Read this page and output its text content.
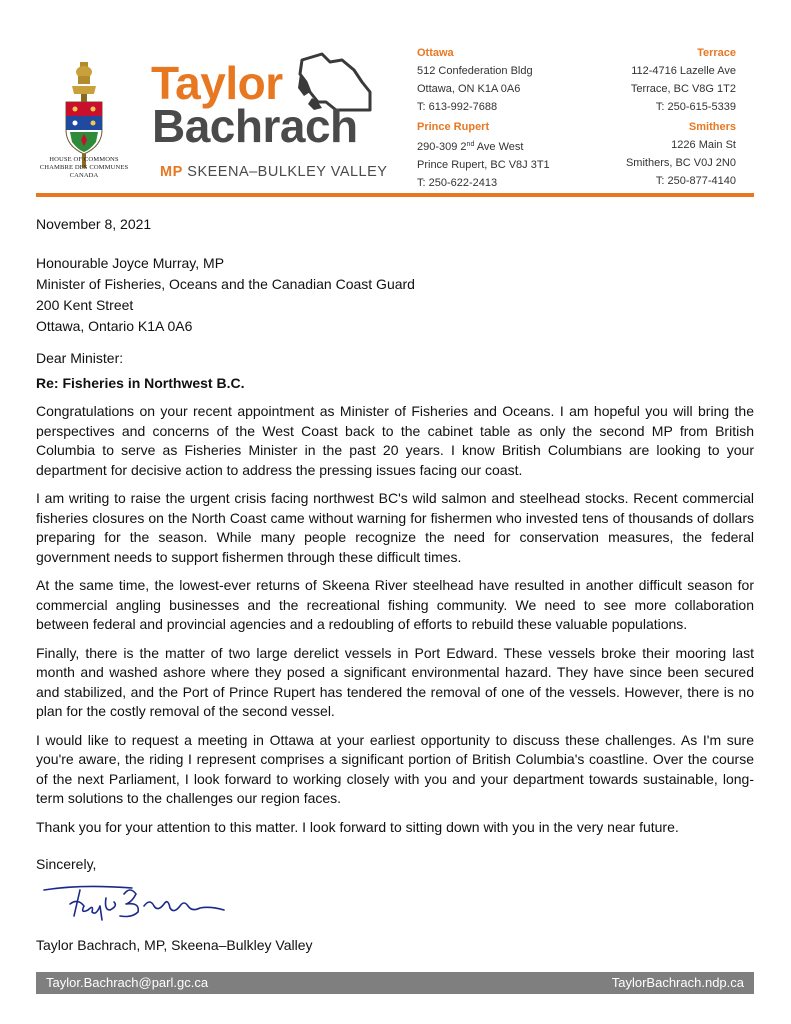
HOUSE OF COMMONS
CHAMBRE DES COMMUNES
CANADA
Taylor
Bachrach
MP SKEENA–BULKLEY VALLEY
Ottawa
512 Confederation Bldg
Ottawa, ON K1A 0A6
T: 613-992-7688
Prince Rupert
290-309 2nd Ave West
Prince Rupert, BC V8J 3T1
T: 250-622-2413
Terrace
112-4716 Lazelle Ave
Terrace, BC V8G 1T2
T: 250-615-5339
Smithers
1226 Main St
Smithers, BC V0J 2N0
T: 250-877-4140
November 8, 2021
Honourable Joyce Murray, MP
Minister of Fisheries, Oceans and the Canadian Coast Guard
200 Kent Street
Ottawa, Ontario K1A 0A6
Dear Minister:
Re: Fisheries in Northwest B.C.

Congratulations on your recent appointment as Minister of Fisheries and Oceans. I am hopeful you will bring the perspectives and concerns of the West Coast back to the cabinet table as only the second MP from British Columbia to serve as Fisheries Minister in the past 20 years. I know British Columbians are looking to your department for decisive action to address the pressing issues facing our coast.

I am writing to raise the urgent crisis facing northwest BC's wild salmon and steelhead stocks. Recent commercial fisheries closures on the North Coast came without warning for fishermen who invested tens of thousands of dollars preparing for the season. While many people recognize the need for conservation measures, the federal government needs to support fishermen through these difficult times.

At the same time, the lowest-ever returns of Skeena River steelhead have resulted in another difficult season for commercial angling businesses and the recreational fishing community. We need to see more collaboration between federal and provincial agencies and a redoubling of efforts to rebuild these valuable populations.

Finally, there is the matter of two large derelict vessels in Port Edward. These vessels broke their mooring last month and washed ashore where they posed a significant environmental hazard. They have since been secured and stabilized, and the Port of Prince Rupert has tendered the removal of one of the vessels. However, there is no plan for the costly removal of the second vessel.

I would like to request a meeting in Ottawa at your earliest opportunity to discuss these challenges. As I'm sure you're aware, the riding I represent comprises a significant portion of British Columbia's coastline. Over the course of the next Parliament, I look forward to working closely with you and your department towards sustainable, long-term solutions to the challenges our region faces.

Thank you for your attention to this matter. I look forward to sitting down with you in the very near future.

Sincerely,
Taylor Bachrach, MP, Skeena–Bulkley Valley
Taylor.Bachrach@parl.gc.ca	TaylorBachrach.ndp.ca
